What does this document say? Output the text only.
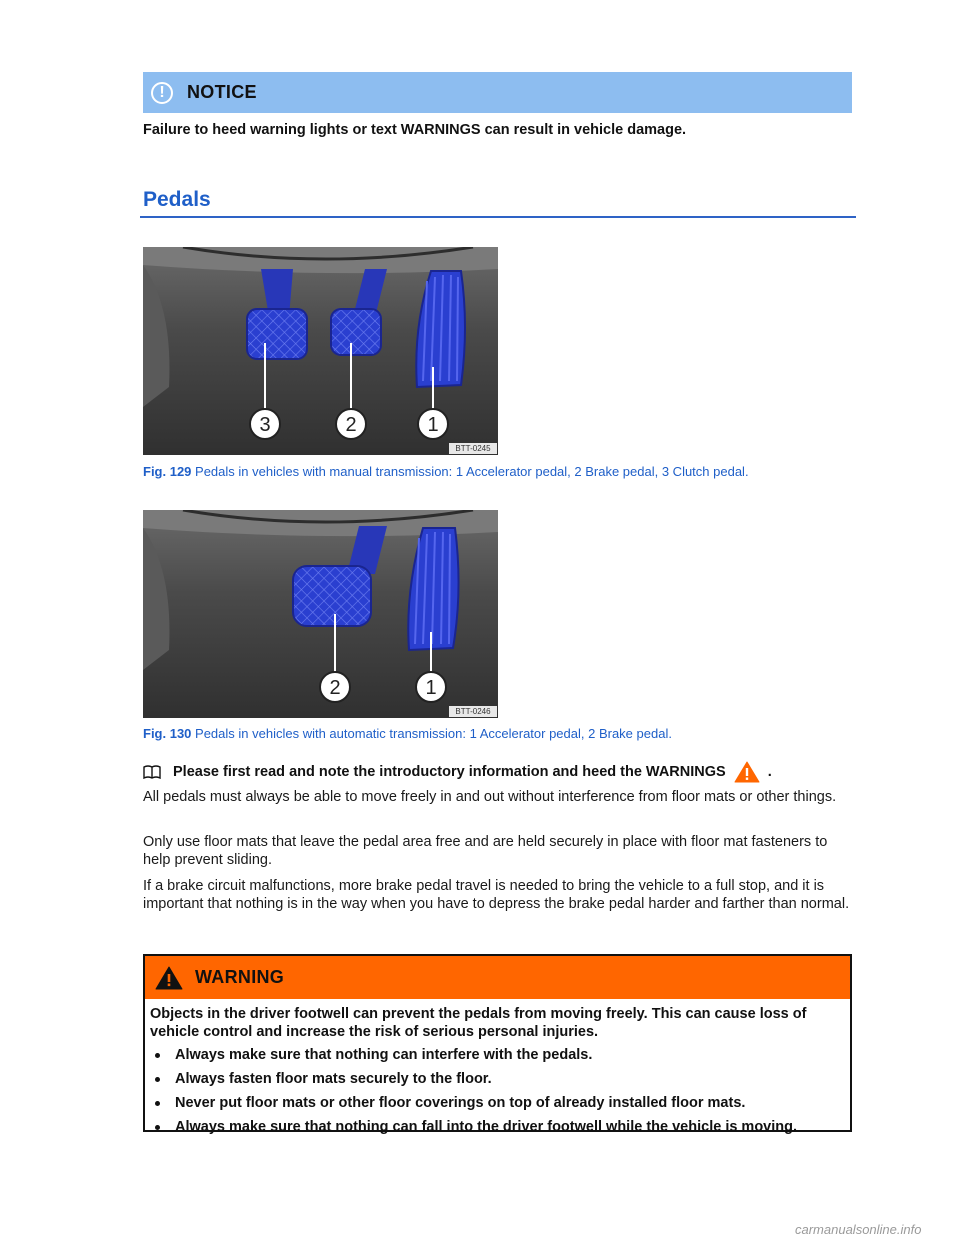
!	NOTICE
Failure to heed warning lights or text WARNINGS can result in vehicle damage.
Pedals
3	2	1
BTT-0245
Fig. 129 Pedals in vehicles with manual transmission: 1 Accelerator pedal, 2 Brake pedal, 3 Clutch pedal.
2	1
BTT-0246
Fig. 130 Pedals in vehicles with automatic transmission: 1 Accelerator pedal, 2 Brake pedal.
Please first read and note the introductory information and heed the WARNINGS	.
All pedals must always be able to move freely in and out without interference from floor mats or other things.
Only use floor mats that leave the pedal area free and are held securely in place with floor mat fasteners to help prevent sliding.
If a brake circuit malfunctions, more brake pedal travel is needed to bring the vehicle to a full stop, and it is important that nothing is in the way when you have to depress the brake pedal harder and farther than normal.
WARNING
Objects in the driver footwell can prevent the pedals from moving freely. This can cause loss of vehicle control and increase the risk of serious personal injuries.
Always make sure that nothing can interfere with the pedals.
Always fasten floor mats securely to the floor.
Never put floor mats or other floor coverings on top of already installed floor mats.
Always make sure that nothing can fall into the driver footwell while the vehicle is moving.
carmanualsonline.info
